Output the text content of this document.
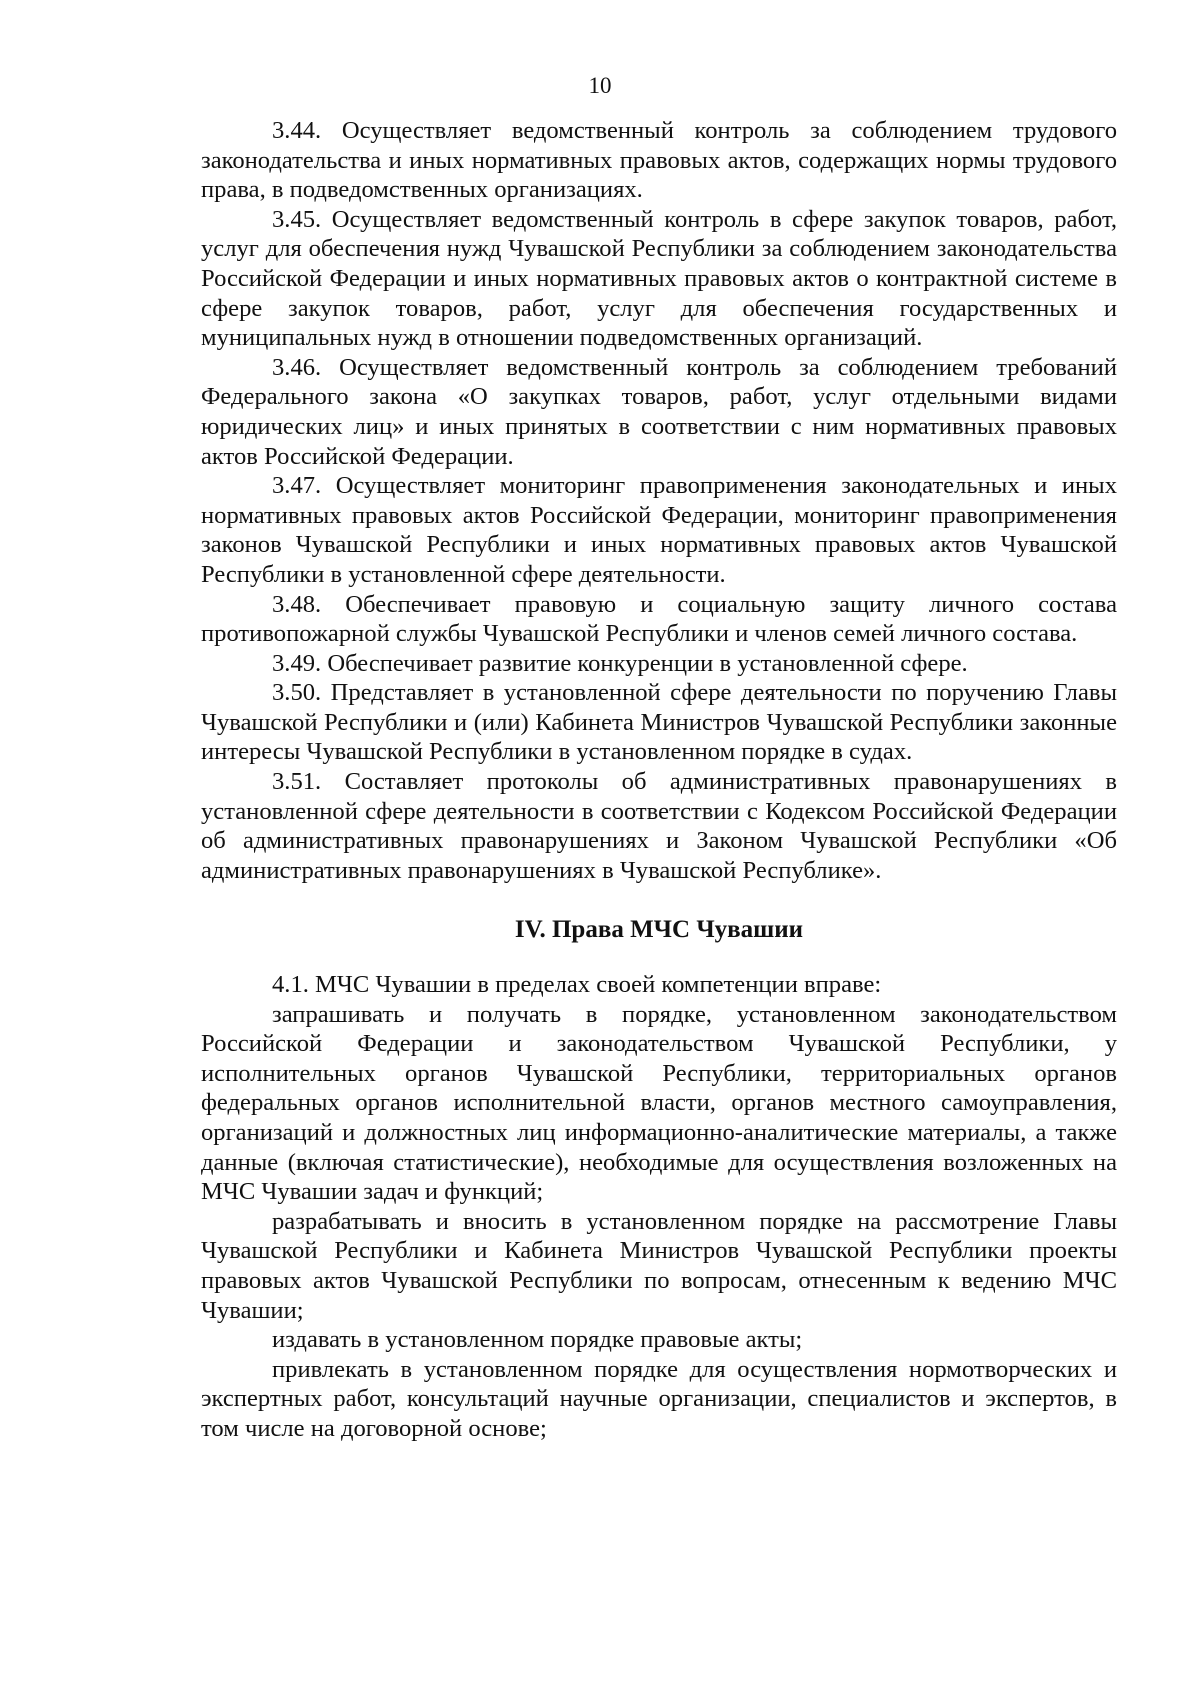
10

3.44. Осуществляет ведомственный контроль за соблюдением трудового законодательства и иных нормативных правовых актов, содержащих нормы трудового права, в подведомственных организациях.

3.45. Осуществляет ведомственный контроль в сфере закупок товаров, работ, услуг для обеспечения нужд Чувашской Республики за соблюдением законодательства Российской Федерации и иных нормативных правовых актов о контрактной системе в сфере закупок товаров, работ, услуг для обеспечения государственных и муниципальных нужд в отношении подведомственных организаций.

3.46. Осуществляет ведомственный контроль за соблюдением требований Федерального закона «О закупках товаров, работ, услуг отдельными видами юридических лиц» и иных принятых в соответствии с ним нормативных правовых актов Российской Федерации.

3.47. Осуществляет мониторинг правоприменения законодательных и иных нормативных правовых актов Российской Федерации, мониторинг правоприменения законов Чувашской Республики и иных нормативных правовых актов Чувашской Республики в установленной сфере деятельности.

3.48. Обеспечивает правовую и социальную защиту личного состава противопожарной службы Чувашской Республики и членов семей личного состава.

3.49. Обеспечивает развитие конкуренции в установленной сфере.

3.50. Представляет в установленной сфере деятельности по поручению Главы Чувашской Республики и (или) Кабинета Министров Чувашской Республики законные интересы Чувашской Республики в установленном порядке в судах.

3.51. Составляет протоколы об административных правонарушениях в установленной сфере деятельности в соответствии с Кодексом Российской Федерации об административных правонарушениях и Законом Чувашской Республики «Об административных правонарушениях в Чувашской Республике».

IV. Права МЧС Чувашии

4.1. МЧС Чувашии в пределах своей компетенции вправе:

запрашивать и получать в порядке, установленном законодательством Российской Федерации и законодательством Чувашской Республики, у исполнительных органов Чувашской Республики, территориальных органов федеральных органов исполнительной власти, органов местного самоуправления, организаций и должностных лиц информационно-аналитические материалы, а также данные (включая статистические), необходимые для осуществления возложенных на МЧС Чувашии задач и функций;

разрабатывать и вносить в установленном порядке на рассмотрение Главы Чувашской Республики и Кабинета Министров Чувашской Республики проекты правовых актов Чувашской Республики по вопросам, отнесенным к ведению МЧС Чувашии;

издавать в установленном порядке правовые акты;

привлекать в установленном порядке для осуществления нормотворческих и экспертных работ, консультаций научные организации, специалистов и экспертов, в том числе на договорной основе;
